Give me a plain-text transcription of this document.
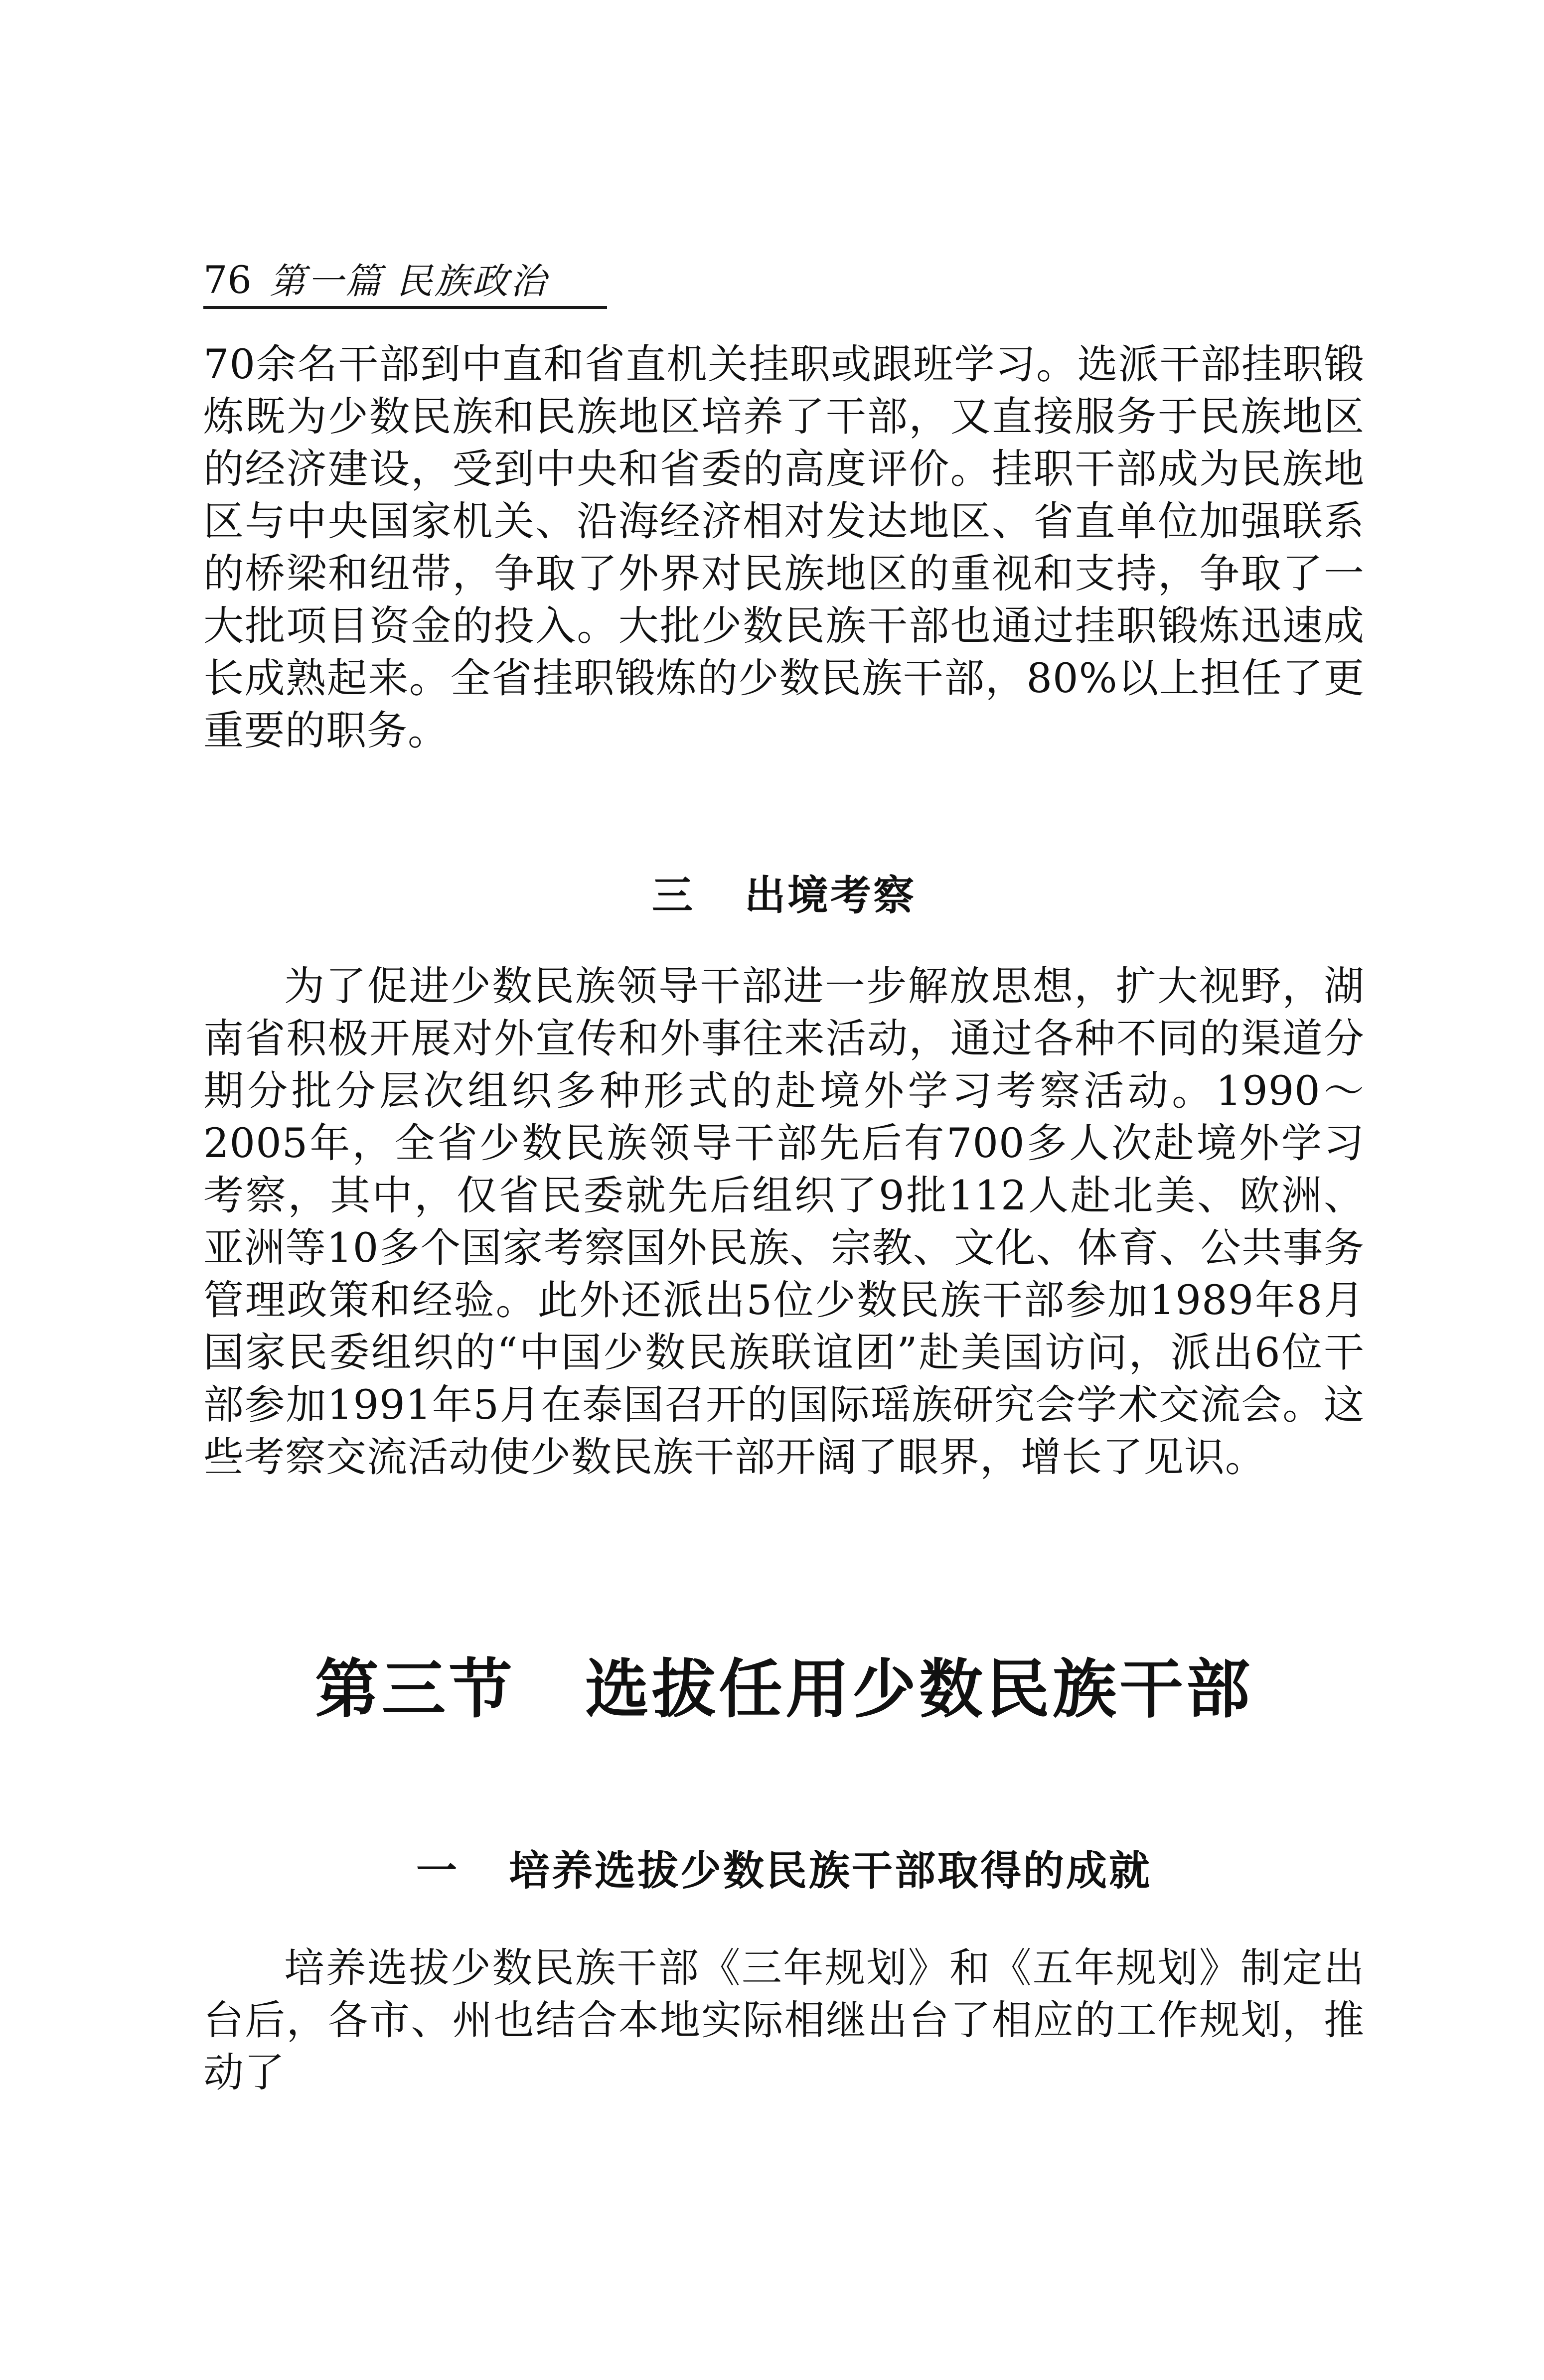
76 第一篇 民族政治

70余名干部到中直和省直机关挂职或跟班学习。选派干部挂职锻炼既为少数民族和民族地区培养了干部，又直接服务于民族地区的经济建设，受到中央和省委的高度评价。挂职干部成为民族地区与中央国家机关、沿海经济相对发达地区、省直单位加强联系的桥梁和纽带，争取了外界对民族地区的重视和支持，争取了一大批项目资金的投入。大批少数民族干部也通过挂职锻炼迅速成长成熟起来。全省挂职锻炼的少数民族干部，80%以上担任了更重要的职务。

三 出境考察

为了促进少数民族领导干部进一步解放思想，扩大视野，湖南省积极开展对外宣传和外事往来活动，通过各种不同的渠道分期分批分层次组织多种形式的赴境外学习考察活动。1990～2005年，全省少数民族领导干部先后有700多人次赴境外学习考察，其中，仅省民委就先后组织了9批112人赴北美、欧洲、亚洲等10多个国家考察国外民族、宗教、文化、体育、公共事务管理政策和经验。此外还派出5位少数民族干部参加1989年8月国家民委组织的“中国少数民族联谊团”赴美国访问，派出6位干部参加1991年5月在泰国召开的国际瑶族研究会学术交流会。这些考察交流活动使少数民族干部开阔了眼界，增长了见识。

第三节 选拔任用少数民族干部
一 培养选拔少数民族干部取得的成就

培养选拔少数民族干部《三年规划》和《五年规划》制定出台后，各市、州也结合本地实际相继出台了相应的工作规划，推动了
